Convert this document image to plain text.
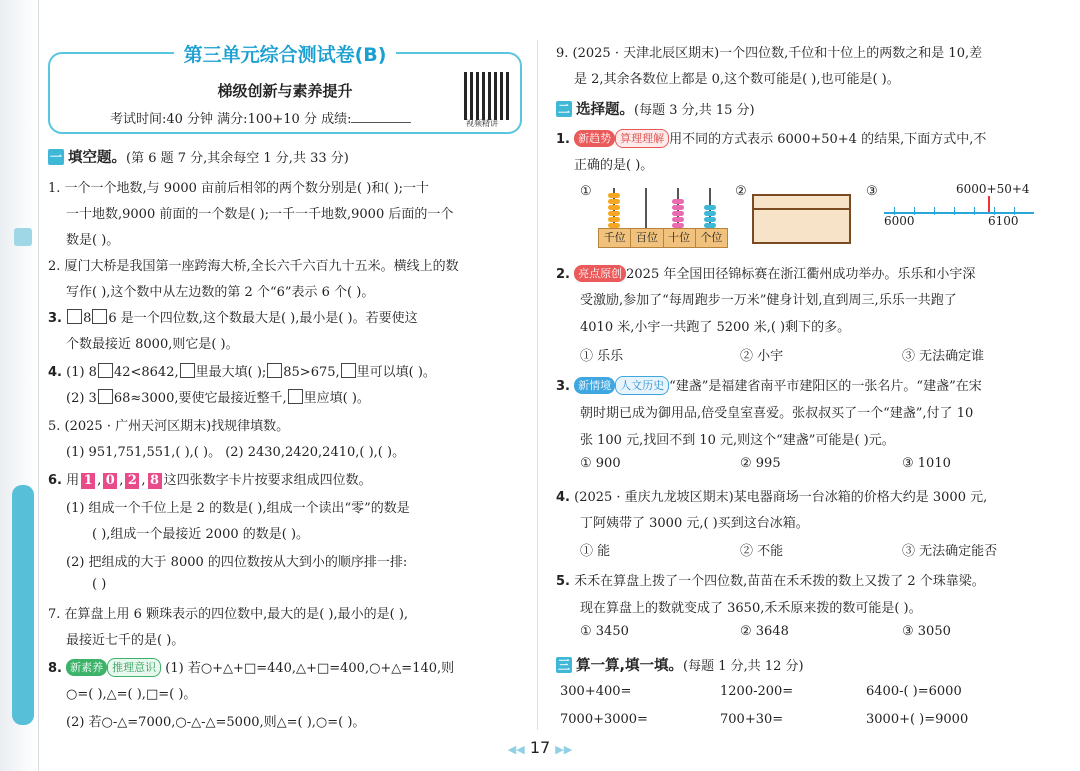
第三单元综合测试卷(B)
梯级创新与素养提升
考试时间:40 分钟 满分:100+10 分 成绩:	视频精讲
一 填空题。(第 6 题 7 分,其余每空 1 分,共 33 分)
1. 一个一个地数,与 9000 亩前后相邻的两个数分别是( )和( );一十
一十地数,9000 前面的一个数是( );一千一千地数,9000 后面的一个
数是( )。
2. 厦门大桥是我国第一座跨海大桥,全长六千六百九十五米。横线上的数
写作( ),这个数中从左边数的第 2 个“6”表示 6 个( )。
3. 8 6 是一个四位数,这个数最大是( ),最小是( )。若要使这
个数最接近 8000,则它是( )。
4. (1) 8 42<8642, 里最大填( ); 85>675, 里可以填( )。
(2) 3 68≈3000,要使它最接近整千, 里应填( )。
5. (2025 · 广州天河区期末)找规律填数。
(1) 951,751,551,( ),( )。 (2) 2430,2420,2410,( ),( )。
6. 用 1 , 0 , 2 , 8 这四张数字卡片按要求组成四位数。
(1) 组成一个千位上是 2 的数是( ),组成一个读出“零”的数是
( ),组成一个最接近 2000 的数是( )。
(2) 把组成的大于 8000 的四位数按从大到小的顺序排一排:
( )
7. 在算盘上用 6 颗珠表示的四位数中,最大的是( ),最小的是( ),
最接近七千的是( )。
8. 新素养 推理意识 (1) 若○+△+□=440,△+□=400,○+△=140,则
○=( ),△=( ),□=( )。
(2) 若○-△=7000,○-△-△=5000,则△=( ),○=( )。
9. (2025 · 天津北辰区期末)一个四位数,千位和十位上的两数之和是 10,差
是 2,其余各数位上都是 0,这个数可能是( ),也可能是( )。
二 选择题。(每题 3 分,共 15 分)
1. 新趋势 算理理解 用不同的方式表示 6000+50+4 的结果,下面方式中,不
正确的是( )。
①
千位 百位 十位 个位
②	③	6000+50+4
6000	6100
2. 亮点原创 2025 年全国田径锦标赛在浙江衢州成功举办。乐乐和小宇深
受激励,参加了“每周跑步一万米”健身计划,直到周三,乐乐一共跑了
4010 米,小宇一共跑了 5200 米,( )剩下的多。
① 乐乐	② 小宇	③ 无法确定谁
3. 新情境 人文历史 “建盏”是福建省南平市建阳区的一张名片。“建盏”在宋
朝时期已成为御用品,倍受皇室喜爱。张叔叔买了一个“建盏”,付了 10
张 100 元,找回不到 10 元,则这个“建盏”可能是( )元。
① 900	② 995	③ 1010
4. (2025 · 重庆九龙坡区期末)某电器商场一台冰箱的价格大约是 3000 元,
丁阿姨带了 3000 元,( )买到这台冰箱。
① 能	② 不能	③ 无法确定能否
5. 禾禾在算盘上拨了一个四位数,苗苗在禾禾拨的数上又拨了 2 个珠靠梁。
现在算盘上的数就变成了 3650,禾禾原来拨的数可能是( )。
① 3450	② 3648	③ 3050
三 算一算,填一填。(每题 1 分,共 12 分)
300+400=	1200-200=	6400-( )=6000
7000+3000=	700+30=	3000+( )=9000
◀◀ 17 ▶▶
